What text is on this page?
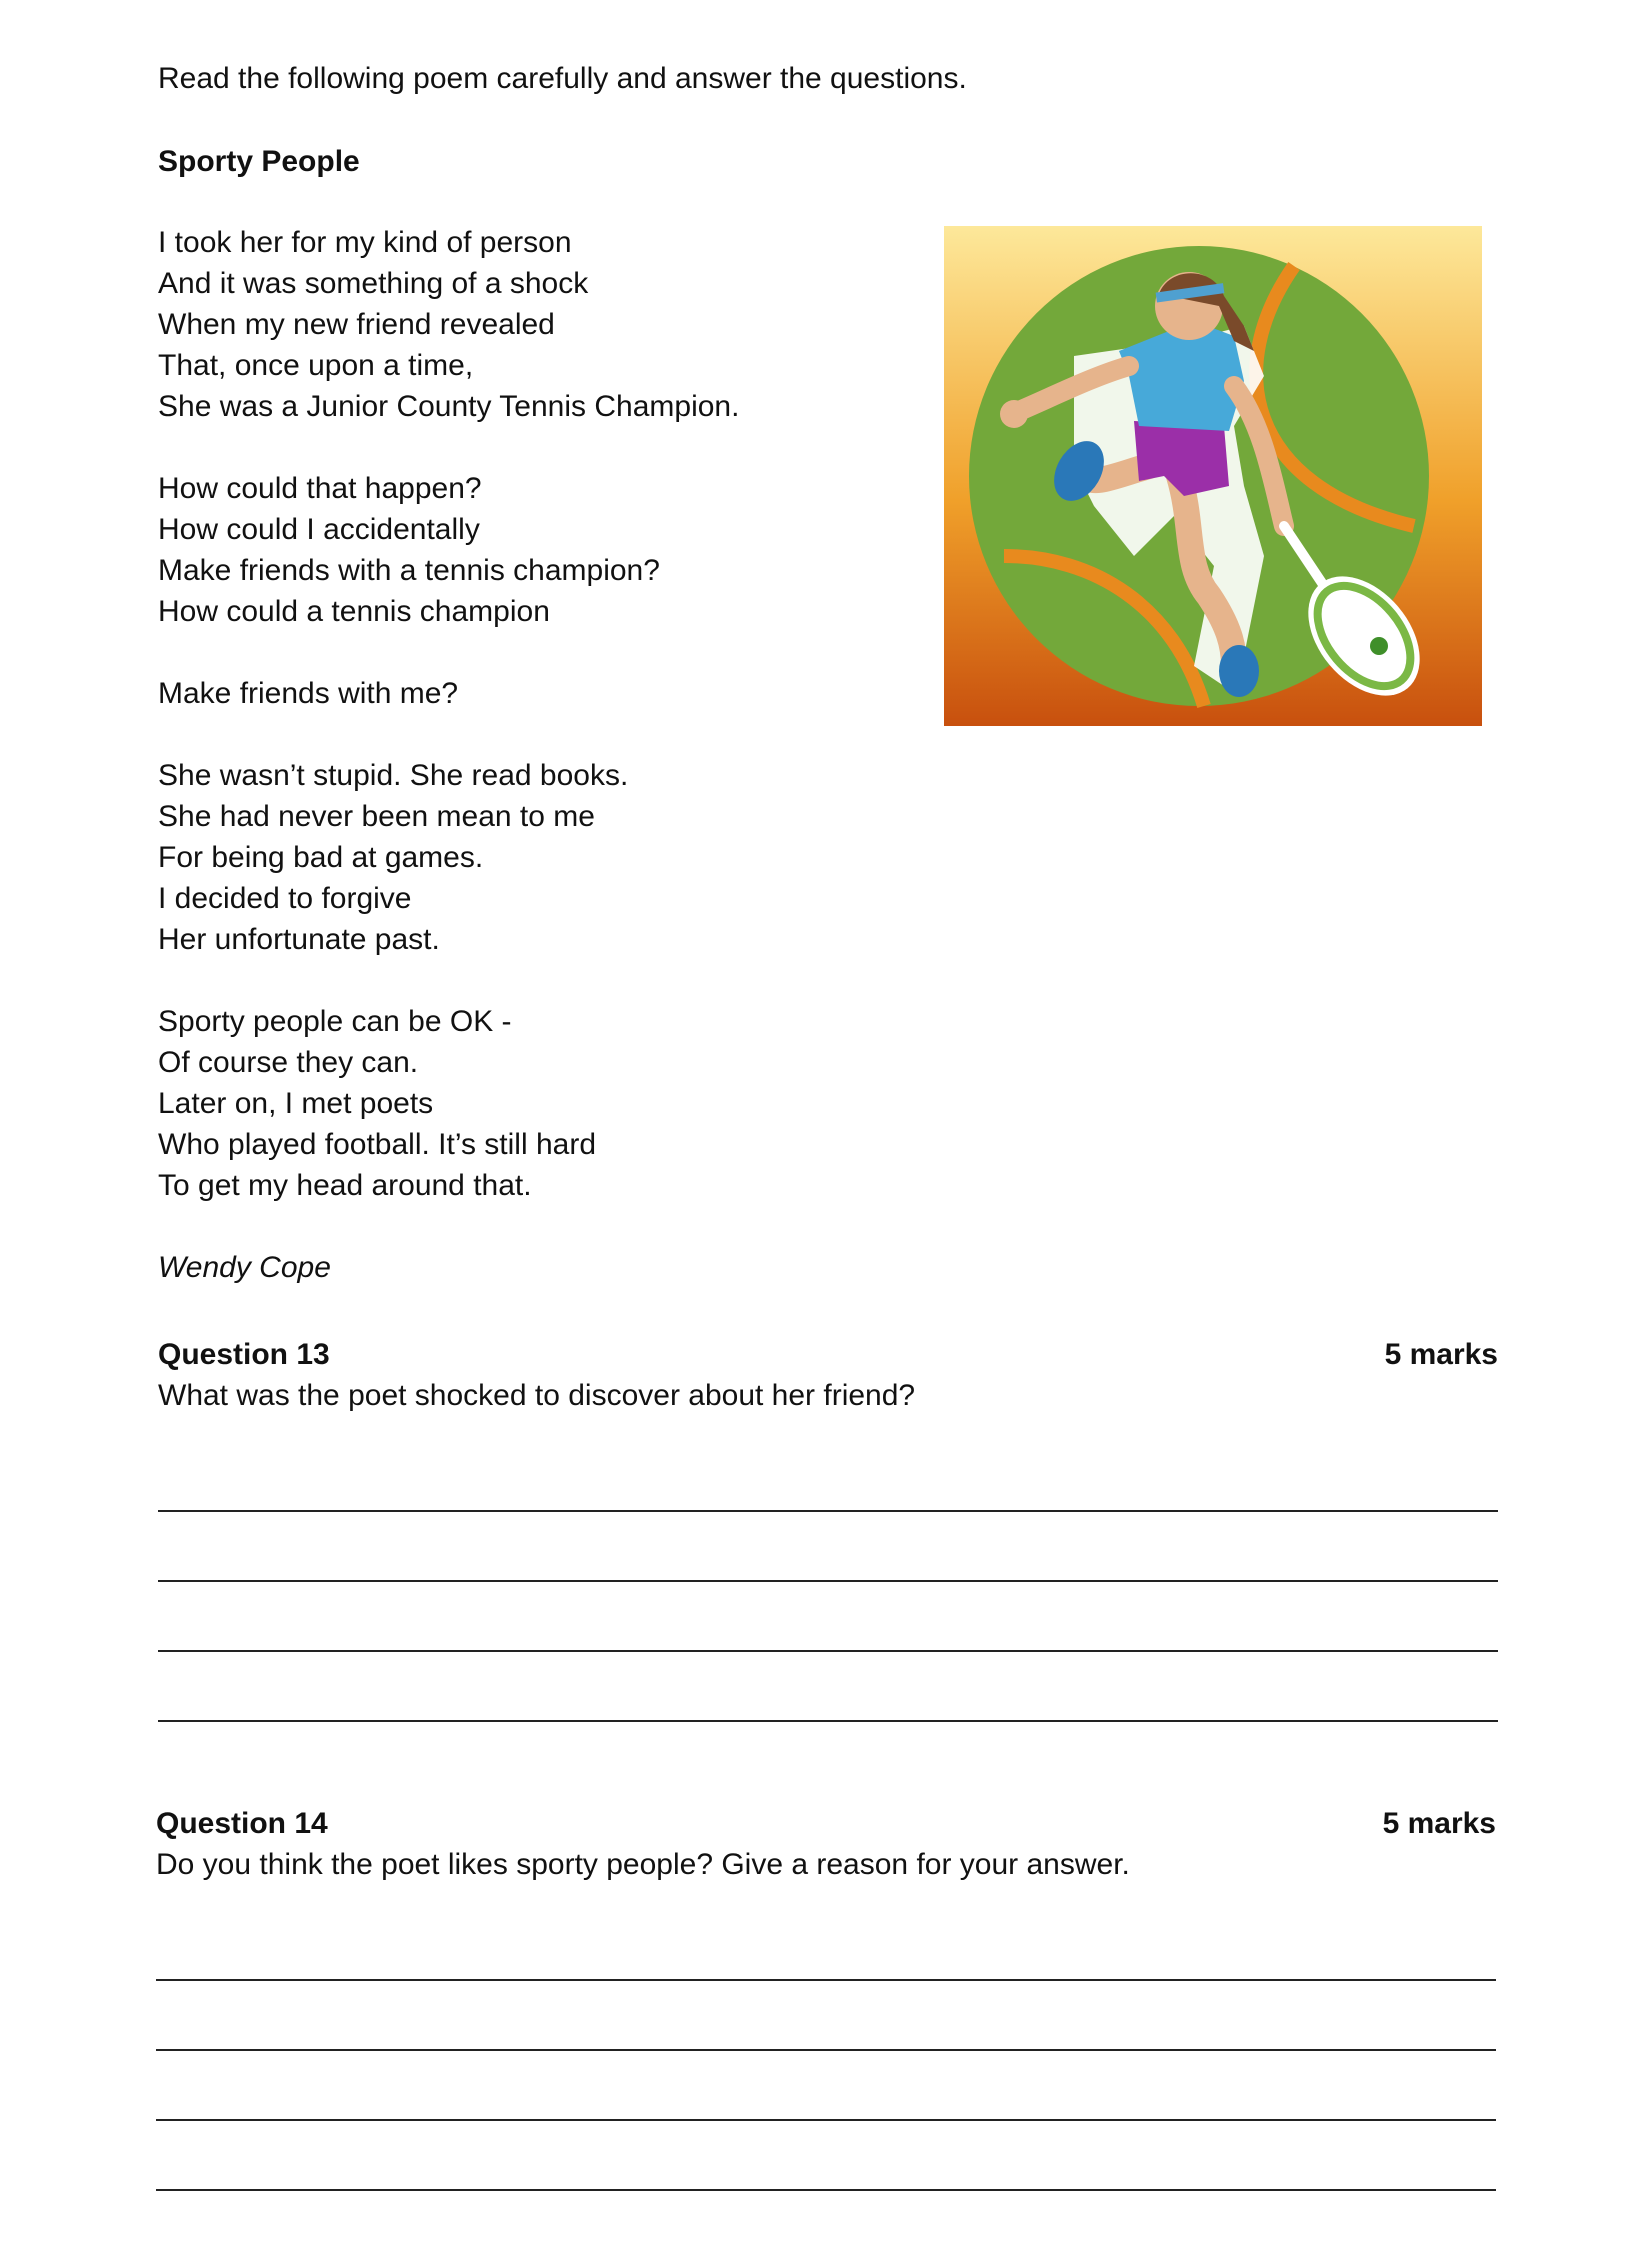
Read the following poem carefully and answer the questions.
Sporty People
I took her for my kind of person
And it was something of a shock
When my new friend revealed
That, once upon a time,
She was a Junior County Tennis Champion.
How could that happen?
How could I accidentally
Make friends with a tennis champion?
How could a tennis champion
Make friends with me?
She wasn’t stupid. She read books.
She had never been mean to me
For being bad at games.
I decided to forgive
Her unfortunate past.
Sporty people can be OK -
Of course they can.
Later on, I met poets
Who played football. It’s still hard
To get my head around that.
Wendy Cope
Question 13	5 marks
What was the poet shocked to discover about her friend?
Question 14	5 marks
Do you think the poet likes sporty people? Give a reason for your answer.
